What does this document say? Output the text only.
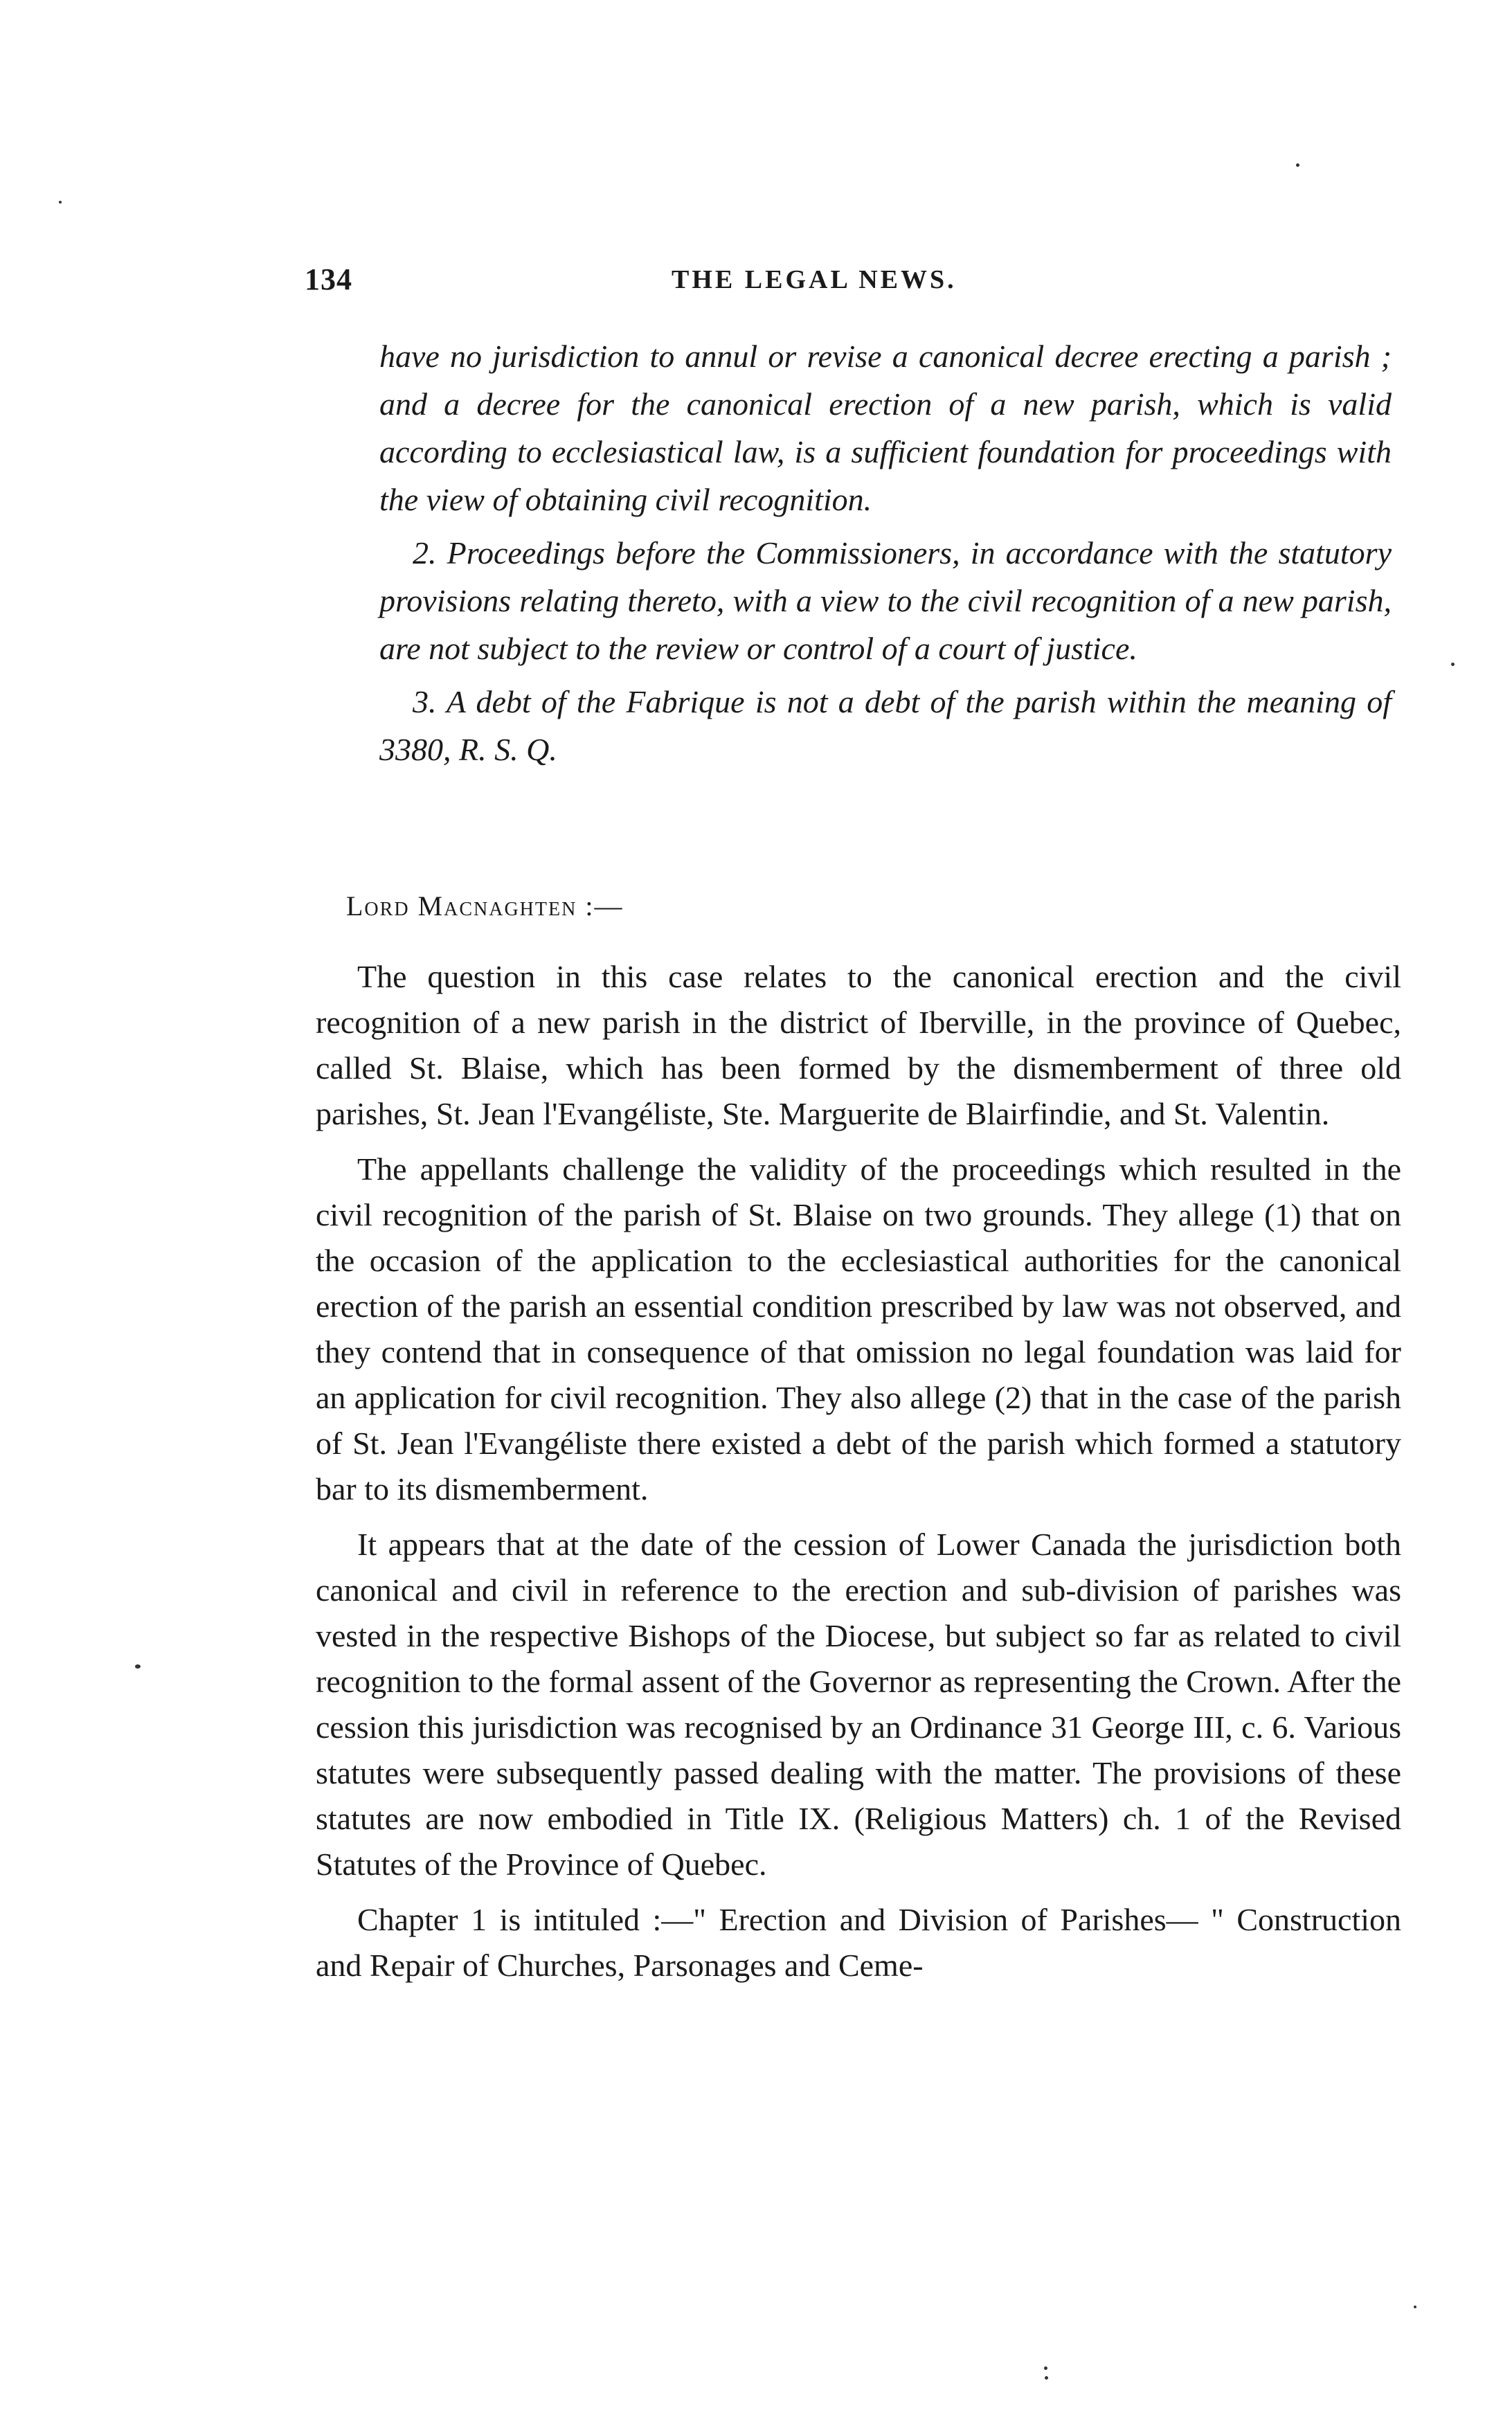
134	THE LEGAL NEWS.

have no jurisdiction to annul or revise a canonical decree erecting a parish ; and a decree for the canonical erection of a new parish, which is valid according to ecclesiastical law, is a sufficient foundation for proceedings with the view of obtaining civil recognition.

2. Proceedings before the Commissioners, in accordance with the statutory provisions relating thereto, with a view to the civil recognition of a new parish, are not subject to the review or control of a court of justice.

3. A debt of the Fabrique is not a debt of the parish within the meaning of 3380, R. S. Q.

Lord Macnaghten :—

The question in this case relates to the canonical erection and the civil recognition of a new parish in the district of Iberville, in the province of Quebec, called St. Blaise, which has been formed by the dismemberment of three old parishes, St. Jean l'Evangéliste, Ste. Marguerite de Blairfindie, and St. Valentin.

The appellants challenge the validity of the proceedings which resulted in the civil recognition of the parish of St. Blaise on two grounds. They allege (1) that on the occasion of the application to the ecclesiastical authorities for the canonical erection of the parish an essential condition prescribed by law was not observed, and they contend that in consequence of that omission no legal foundation was laid for an application for civil recognition. They also allege (2) that in the case of the parish of St. Jean l'Evangéliste there existed a debt of the parish which formed a statutory bar to its dismemberment.

It appears that at the date of the cession of Lower Canada the jurisdiction both canonical and civil in reference to the erection and sub-division of parishes was vested in the respective Bishops of the Diocese, but subject so far as related to civil recognition to the formal assent of the Governor as representing the Crown. After the cession this jurisdiction was recognised by an Ordinance 31 George III, c. 6. Various statutes were subsequently passed dealing with the matter. The provisions of these statutes are now embodied in Title IX. (Religious Matters) ch. 1 of the Revised Statutes of the Province of Quebec.

Chapter 1 is intituled :—" Erection and Division of Parishes— " Construction and Repair of Churches, Parsonages and Ceme-
